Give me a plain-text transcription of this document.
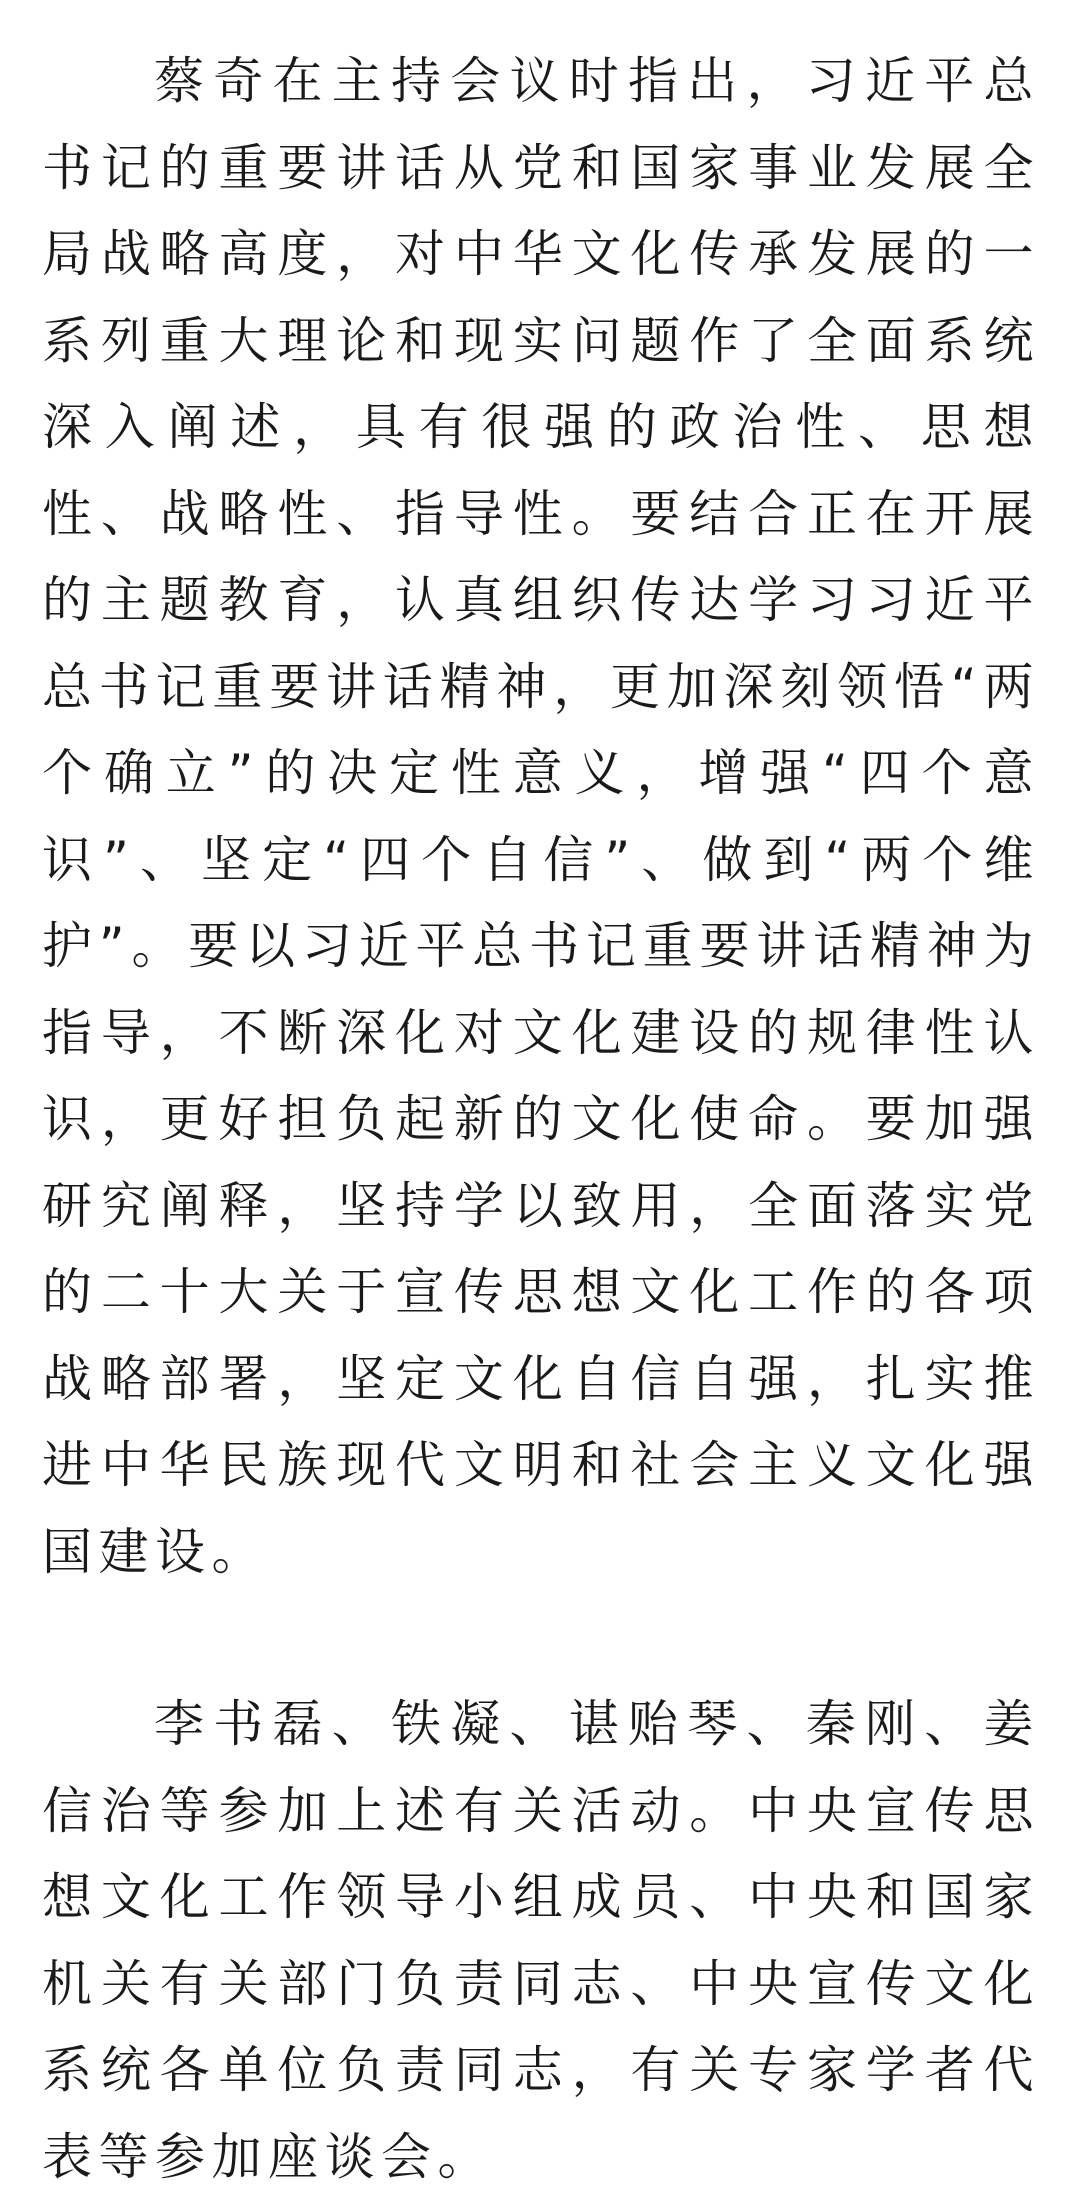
蔡奇在主持会议时指出，习近平总书记的重要讲话从党和国家事业发展全局战略高度，对中华文化传承发展的一系列重大理论和现实问题作了全面系统深入阐述，具有很强的政治性、思想性、战略性、指导性。要结合正在开展的主题教育，认真组织传达学习习近平总书记重要讲话精神，更加深刻领悟“两个确立”的决定性意义，增强“四个意识”、坚定“四个自信”、做到“两个维护”。要以习近平总书记重要讲话精神为指导，不断深化对文化建设的规律性认识，更好担负起新的文化使命。要加强研究阐释，坚持学以致用，全面落实党的二十大关于宣传思想文化工作的各项战略部署，坚定文化自信自强，扎实推进中华民族现代文明和社会主义文化强国建设。

李书磊、铁凝、谌贻琴、秦刚、姜信治等参加上述有关活动。中央宣传思想文化工作领导小组成员、中央和国家机关有关部门负责同志、中央宣传文化系统各单位负责同志，有关专家学者代表等参加座谈会。
